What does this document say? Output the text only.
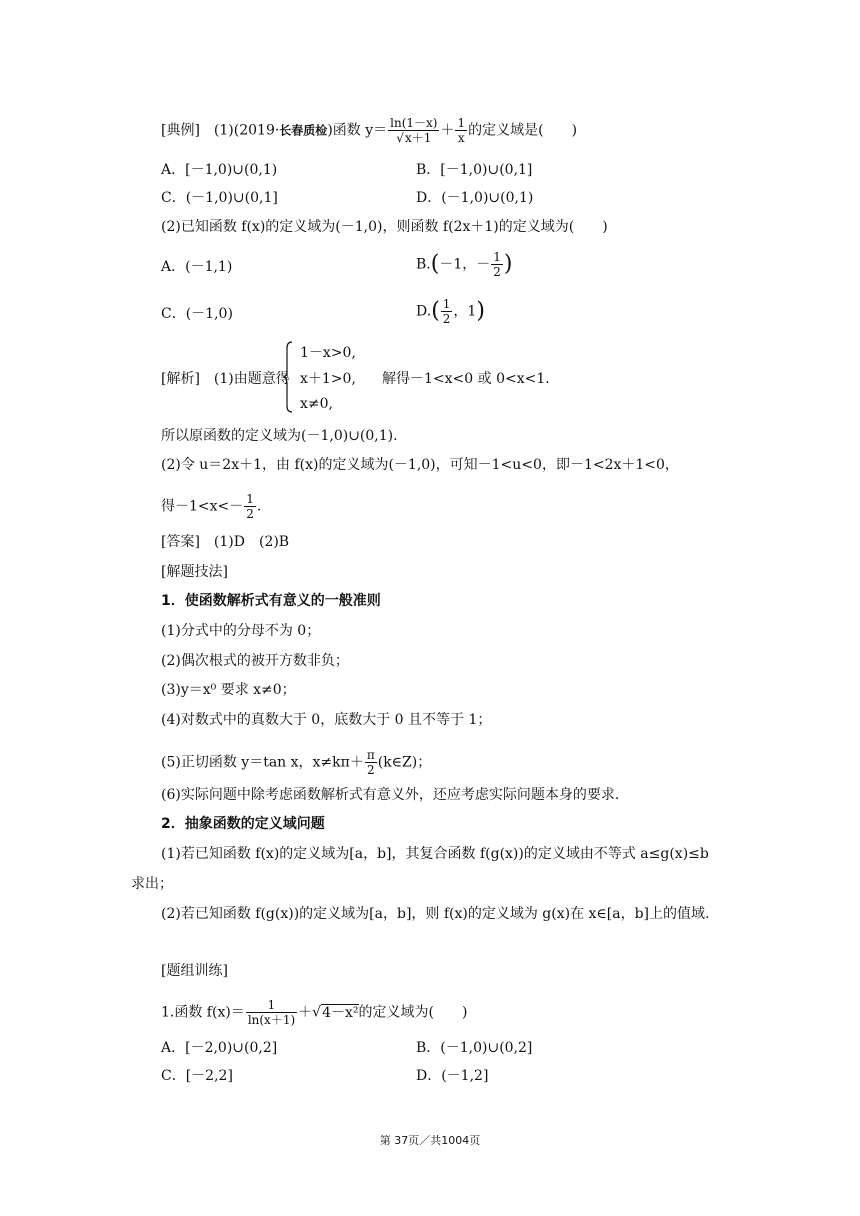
[典例]　(1)(2019·长春质检)函数 $y= \frac{\ln(1-x)}{√x+1} + \frac{1}{x}$ 的定义域是(　　)
A．[－1,0)∪(0,1)	B．[－1,0)∪(0,1]
C．(－1,0)∪(0,1]	D．(－1,0)∪(0,1)
(2)已知函数 f(x)的定义域为(－1,0)，则函数 f(2x＋1)的定义域为(　　)
A．(－1,1)	B.(－1，－ $\frac{1}{2}$ )
C．(－1,0)	$D.( \frac{1}{2}$ ，1)
[解析]　(1)由题意得
1－x>0,
x＋1>0,
x≠0,
解得－1<x<0 或 0<x<1.
所以原函数的定义域为(－1,0)∪(0,1).
(2)令 u＝2x＋1，由 f(x)的定义域为(－1,0)，可知－1<u<0，即－1<2x＋1<0，
得$-1<x<- \frac{1}{2}$ .
[答案]　(1)D　(2)B
[解题技法]
1．使函数解析式有意义的一般准则
(1)分式中的分母不为 0；
(2)偶次根式的被开方数非负；
(3)y＝x⁰ 要求 x≠0；
(4)对数式中的真数大于 0，底数大于 0 且不等于 1；
(5)正切函数 y＝tan x，$x\ne k\pi+ \frac{\pi}{2}$ (k∈Z)；
(6)实际问题中除考虑函数解析式有意义外，还应考虑实际问题本身的要求.
2．抽象函数的定义域问题
(1)若已知函数 f(x)的定义域为[a，b]，其复合函数 f(g(x))的定义域由不等式 a≤g(x)≤b
求出；
(2)若已知函数 f(g(x))的定义域为[a，b]，则 f(x)的定义域为 g(x)在 x∈[a，b]上的值域.
[题组训练]
1.函数 $f(x)= \frac{1}{\ln(x+1)} +√4-x^2$的定义域为(　　)
A．[－2,0)∪(0,2]	B．(－1,0)∪(0,2]
C．[－2,2]	D．(－1,2]
第 37页／共1004页
